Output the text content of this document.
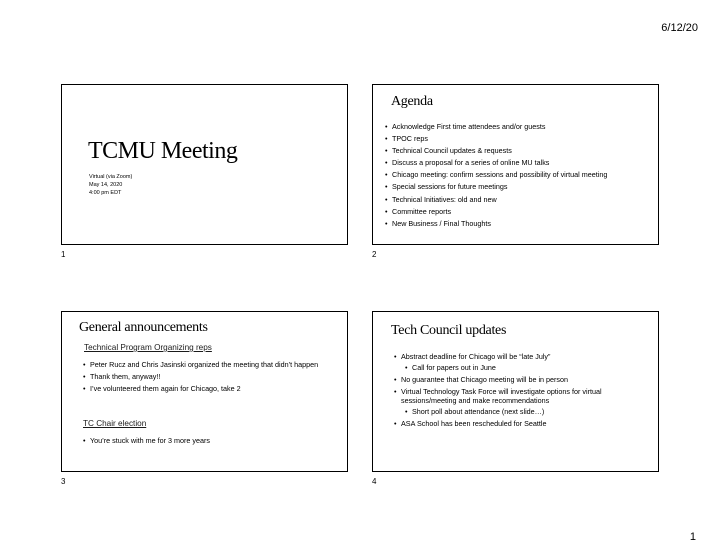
6/12/20
TCMU Meeting
Virtual (via Zoom)
May 14, 2020
4:00 pm EDT
1
Agenda
• Acknowledge First time attendees and/or guests
• TPOC reps
• Technical Council updates & requests
• Discuss a proposal for a series of online MU talks
• Chicago meeting: confirm sessions and possibility of virtual meeting
• Special sessions for future meetings
• Technical Initiatives: old and new
• Committee reports
• New Business / Final Thoughts
2
General announcements
Technical Program Organizing reps
• Peter Rucz and Chris Jasinski organized the meeting that didn’t happen
• Thank them, anyway!!
• I’ve volunteered them again for Chicago, take 2
TC Chair election
• You’re stuck with me for 3 more years
3
Tech Council updates
• Abstract deadline for Chicago will be “late July”
• Call for papers out in June
• No guarantee that Chicago meeting will be in person
• Virtual Technology Task Force will investigate options for virtual sessions/meeting and make recommendations
• Short poll about attendance (next slide…)
• ASA School has been rescheduled for Seattle
4
1
